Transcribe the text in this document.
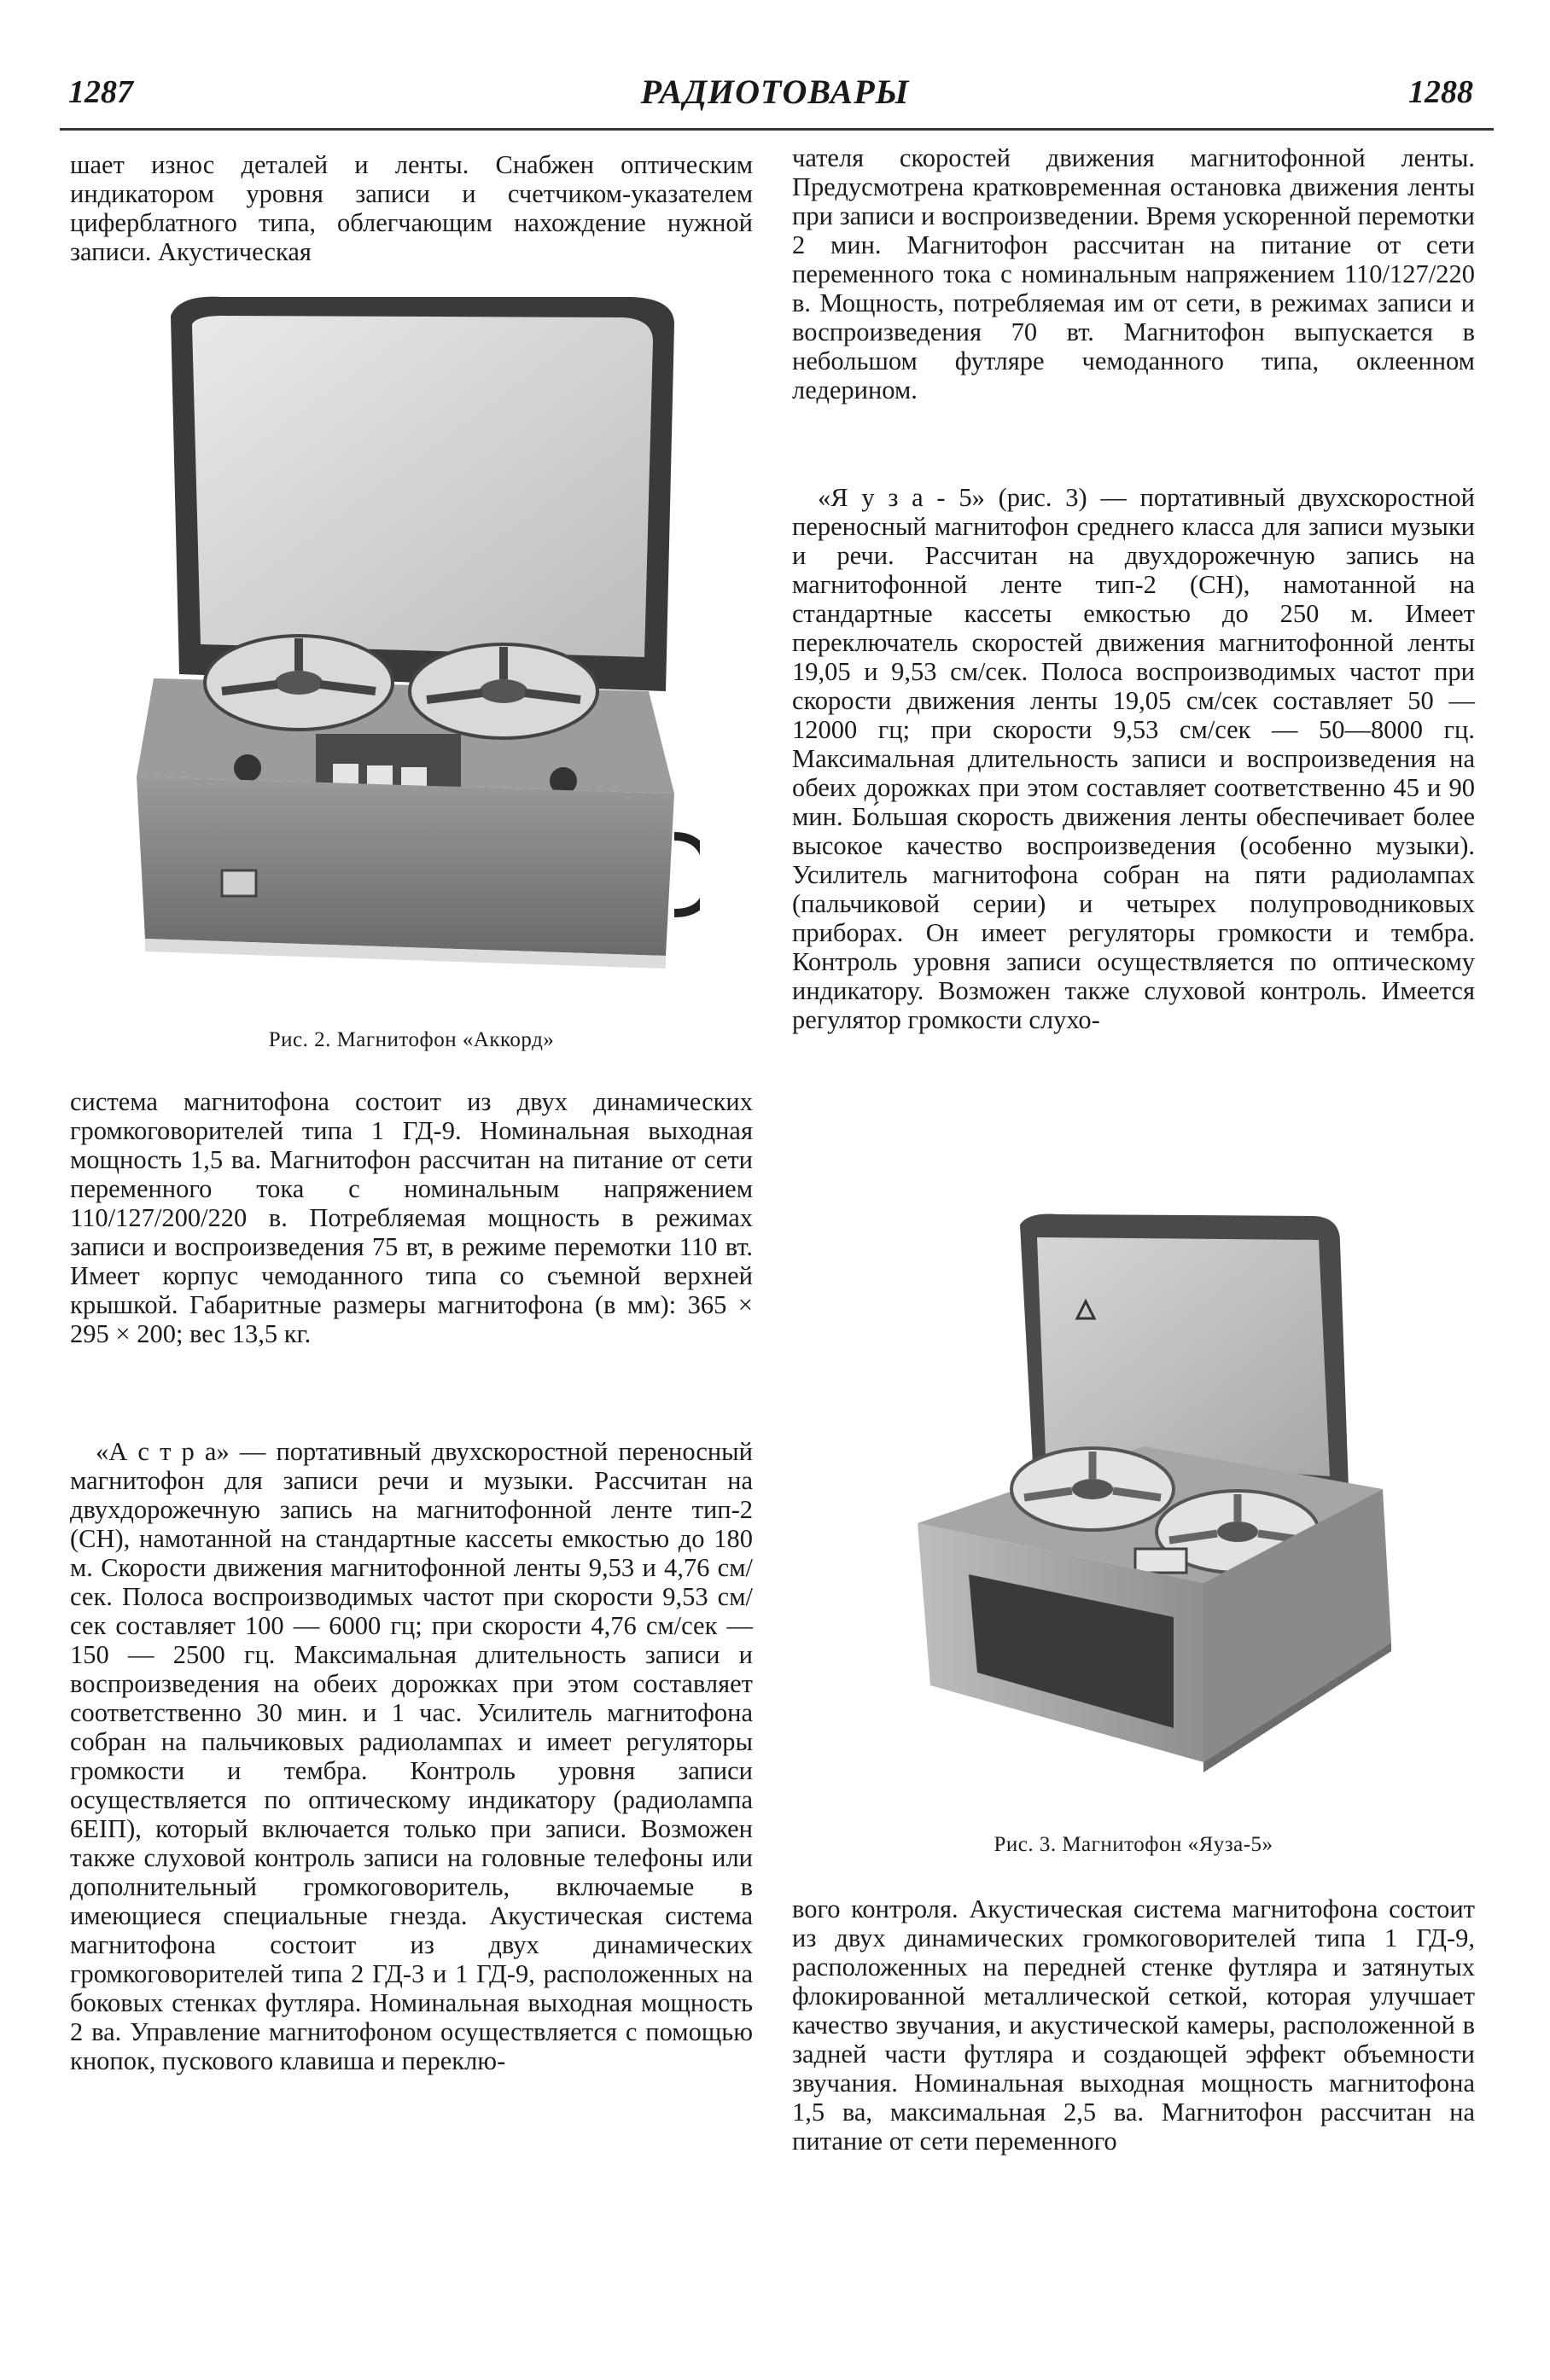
1287	РАДИОТОВАРЫ	1288

шает износ деталей и ленты. Снабжен оптическим индикатором уровня записи и счетчиком-указателем циферблатного типа, облегчающим нахождение нужной записи. Акустическая

Рис. 2. Магнитофон «Аккорд»

система магнитофона состоит из двух динамических громкоговорителей типа 1 ГД-9. Номинальная выходная мощность 1,5 ва. Магнитофон рассчитан на питание от сети переменного тока с номинальным напряжением 110/127/200/220 в. Потребляемая мощность в режимах записи и воспроизведения 75 вт, в режиме перемотки 110 вт. Имеет корпус чемоданного типа со съемной верхней крышкой. Габаритные размеры магнитофона (в мм): 365 × 295 × 200; вес 13,5 кг.

«А с т р а» — портативный двухскоростной переносный магнитофон для записи речи и музыки. Рассчитан на двухдорожечную запись на магнитофонной ленте тип-2 (СН), намотанной на стандартные кассеты емкостью до 180 м. Скорости движения магнитофонной ленты 9,53 и 4,76 см/сек. Полоса воспроизводимых частот при скорости 9,53 см/сек составляет 100 — 6000 гц; при скорости 4,76 см/сек — 150 — 2500 гц. Максимальная длительность записи и воспроизведения на обеих дорожках при этом составляет соответственно 30 мин. и 1 час. Усилитель магнитофона собран на пальчиковых радиолампах и имеет регуляторы громкости и тембра. Контроль уровня записи осуществляется по оптическому индикатору (радиолампа 6ЕIП), который включается только при записи. Возможен также слуховой контроль записи на головные телефоны или дополнительный громкоговоритель, включаемые в имеющиеся специальные гнезда. Акустическая система магнитофона состоит из двух динамических громкоговорителей типа 2 ГД-3 и 1 ГД-9, расположенных на боковых стенках футляра. Номинальная выходная мощность 2 ва. Управление магнитофоном осуществляется с помощью кнопок, пускового клавиша и переклю-

чателя скоростей движения магнитофонной ленты. Предусмотрена кратковременная остановка движения ленты при записи и воспроизведении. Время ускоренной перемотки 2 мин. Магнитофон рассчитан на питание от сети переменного тока с номинальным напряжением 110/127/220 в. Мощность, потребляемая им от сети, в режимах записи и воспроизведения 70 вт. Магнитофон выпускается в небольшом футляре чемоданного типа, оклеенном ледерином.

«Я у з а - 5» (рис. 3) — портативный двухскоростной переносный магнитофон среднего класса для записи музыки и речи. Рассчитан на двухдорожечную запись на магнитофонной ленте тип-2 (СН), намотанной на стандартные кассеты емкостью до 250 м. Имеет переключатель скоростей движения магнитофонной ленты 19,05 и 9,53 см/сек. Полоса воспроизводимых частот при скорости движения ленты 19,05 см/сек составляет 50 — 12000 гц; при скорости 9,53 см/сек — 50—8000 гц. Максимальная длительность записи и воспроизведения на обеих дорожках при этом составляет соответственно 45 и 90 мин. Бо́льшая скорость движения ленты обеспечивает более высокое качество воспроизведения (особенно музыки). Усилитель магнитофона собран на пяти радиолампах (пальчиковой серии) и четырех полупроводниковых приборах. Он имеет регуляторы громкости и тембра. Контроль уровня записи осуществляется по оптическому индикатору. Возможен также слуховой контроль. Имеется регулятор громкости слухо-

Рис. 3. Магнитофон «Яуза-5»

вого контроля. Акустическая система магнитофона состоит из двух динамических громкоговорителей типа 1 ГД-9, расположенных на передней стенке футляра и затянутых флокированной металлической сеткой, которая улучшает качество звучания, и акустической камеры, расположенной в задней части футляра и создающей эффект объемности звучания. Номинальная выходная мощность магнитофона 1,5 ва, максимальная 2,5 ва. Магнитофон рассчитан на питание от сети переменного
